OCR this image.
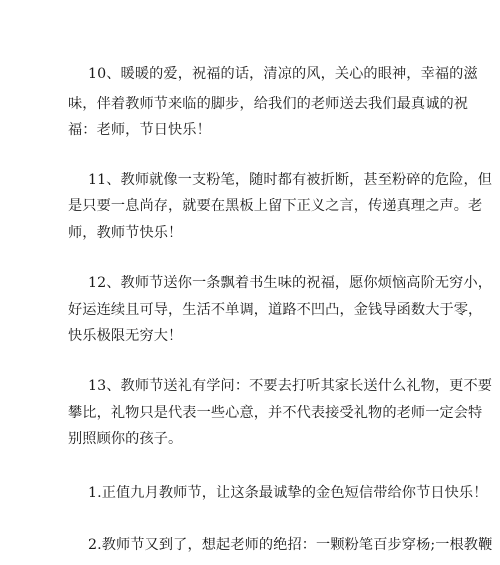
10、暖暖的爱，祝福的话，清凉的风，关心的眼神，幸福的滋
味，伴着教师节来临的脚步，给我们的老师送去我们最真诚的祝
福：老师，节日快乐！
11、教师就像一支粉笔，随时都有被折断，甚至粉碎的危险，但
是只要一息尚存，就要在黑板上留下正义之言，传递真理之声。老
师，教师节快乐！
12、教师节送你一条飘着书生味的祝福，愿你烦恼高阶无穷小，
好运连续且可导，生活不单调，道路不凹凸，金钱导函数大于零，
快乐极限无穷大！
13、教师节送礼有学问：不要去打听其家长送什么礼物，更不要
攀比，礼物只是代表一些心意，并不代表接受礼物的老师一定会特
别照顾你的孩子。
1.正值九月教师节，让这条最诚挚的金色短信带给你节日快乐！
2.教师节又到了，想起老师的绝招：一颗粉笔百步穿杨;一根教鞭
